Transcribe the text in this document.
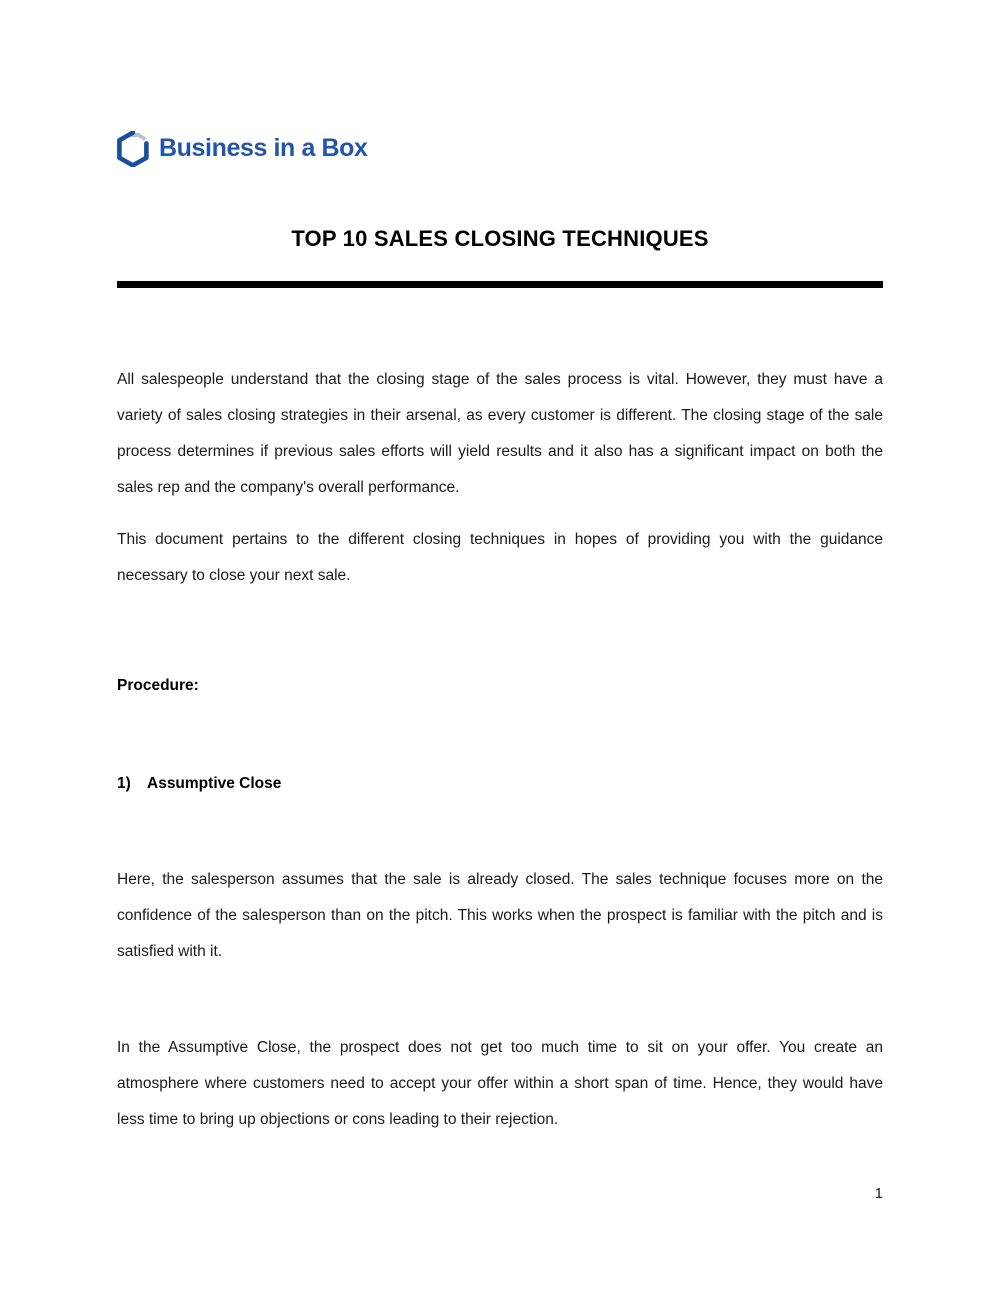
Business in a Box
TOP 10 SALES CLOSING TECHNIQUES

All salespeople understand that the closing stage of the sales process is vital. However, they must have a variety of sales closing strategies in their arsenal, as every customer is different. The closing stage of the sale process determines if previous sales efforts will yield results and it also has a significant impact on both the sales rep and the company's overall performance.

This document pertains to the different closing techniques in hopes of providing you with the guidance necessary to close your next sale.

Procedure:
1)	Assumptive Close

Here, the salesperson assumes that the sale is already closed. The sales technique focuses more on the confidence of the salesperson than on the pitch. This works when the prospect is familiar with the pitch and is satisfied with it.

In the Assumptive Close, the prospect does not get too much time to sit on your offer. You create an atmosphere where customers need to accept your offer within a short span of time. Hence, they would have less time to bring up objections or cons leading to their rejection.

1
